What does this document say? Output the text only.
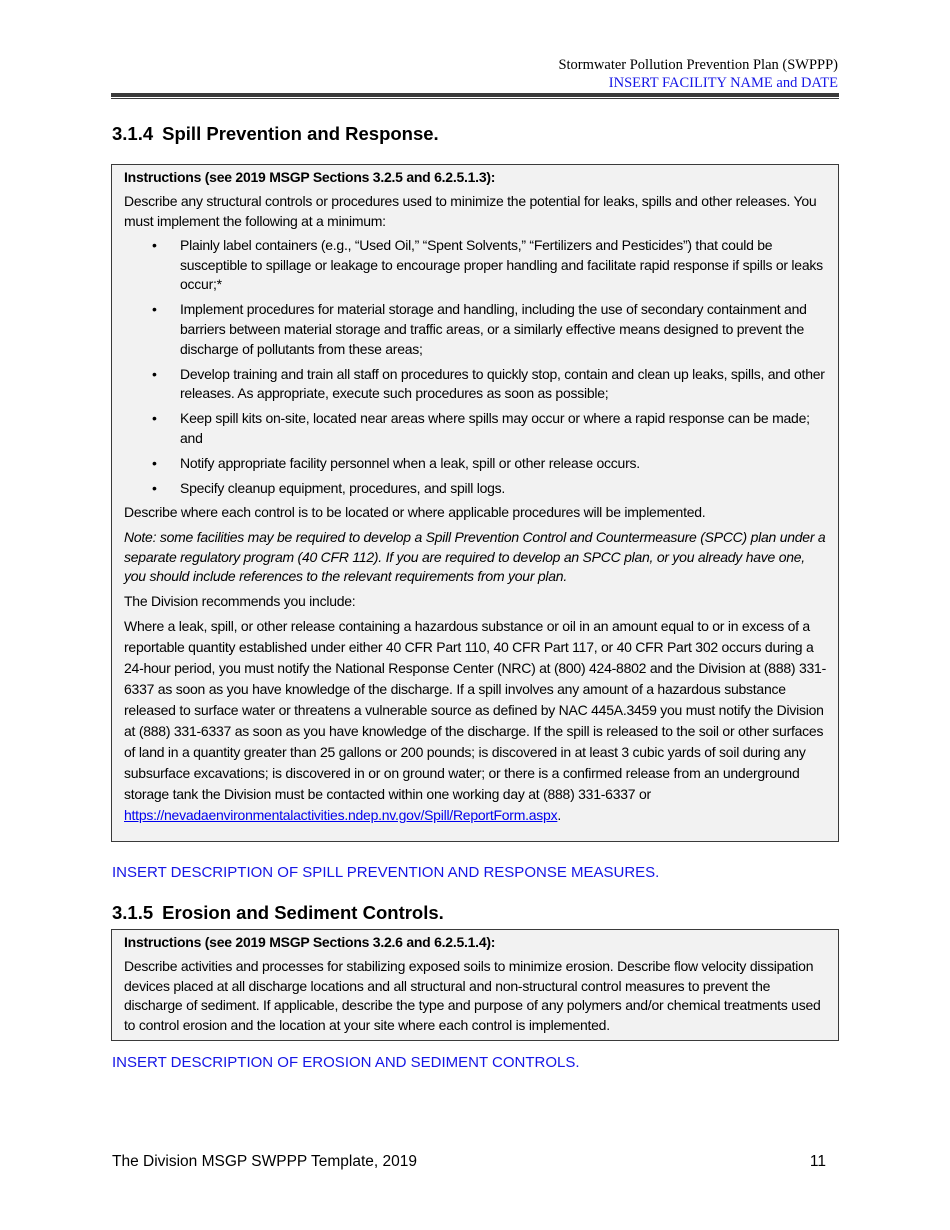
Stormwater Pollution Prevention Plan (SWPPP)
INSERT FACILITY NAME and DATE
3.1.4 Spill Prevention and Response.

Instructions (see 2019 MSGP Sections 3.2.5 and 6.2.5.1.3):

Describe any structural controls or procedures used to minimize the potential for leaks, spills and other releases. You must implement the following at a minimum:

• Plainly label containers (e.g., “Used Oil,” “Spent Solvents,” “Fertilizers and Pesticides”) that could be susceptible to spillage or leakage to encourage proper handling and facilitate rapid response if spills or leaks occur;*
• Implement procedures for material storage and handling, including the use of secondary containment and barriers between material storage and traffic areas, or a similarly effective means designed to prevent the discharge of pollutants from these areas;
• Develop training and train all staff on procedures to quickly stop, contain and clean up leaks, spills, and other releases. As appropriate, execute such procedures as soon as possible;
• Keep spill kits on-site, located near areas where spills may occur or where a rapid response can be made; and
• Notify appropriate facility personnel when a leak, spill or other release occurs.
• Specify cleanup equipment, procedures, and spill logs.

Describe where each control is to be located or where applicable procedures will be implemented.

Note: some facilities may be required to develop a Spill Prevention Control and Countermeasure (SPCC) plan under a separate regulatory program (40 CFR 112). If you are required to develop an SPCC plan, or you already have one, you should include references to the relevant requirements from your plan.

The Division recommends you include:

Where a leak, spill, or other release containing a hazardous substance or oil in an amount equal to or in excess of a reportable quantity established under either 40 CFR Part 110, 40 CFR Part 117, or 40 CFR Part 302 occurs during a 24-hour period, you must notify the National Response Center (NRC) at (800) 424-8802 and the Division at (888) 331-6337 as soon as you have knowledge of the discharge. If a spill involves any amount of a hazardous substance released to surface water or threatens a vulnerable source as defined by NAC 445A.3459 you must notify the Division at (888) 331-6337 as soon as you have knowledge of the discharge. If the spill is released to the soil or other surfaces of land in a quantity greater than 25 gallons or 200 pounds; is discovered in at least 3 cubic yards of soil during any subsurface excavations; is discovered in or on ground water; or there is a confirmed release from an underground storage tank the Division must be contacted within one working day at (888) 331-6337 or https://nevadaenvironmentalactivities.ndep.nv.gov/Spill/ReportForm.aspx.

INSERT DESCRIPTION OF SPILL PREVENTION AND RESPONSE MEASURES.
3.1.5 Erosion and Sediment Controls.

Instructions (see 2019 MSGP Sections 3.2.6 and 6.2.5.1.4):

Describe activities and processes for stabilizing exposed soils to minimize erosion. Describe flow velocity dissipation devices placed at all discharge locations and all structural and non-structural control measures to prevent the discharge of sediment. If applicable, describe the type and purpose of any polymers and/or chemical treatments used to control erosion and the location at your site where each control is implemented.

INSERT DESCRIPTION OF EROSION AND SEDIMENT CONTROLS.
The Division MSGP SWPPP Template, 2019	11
